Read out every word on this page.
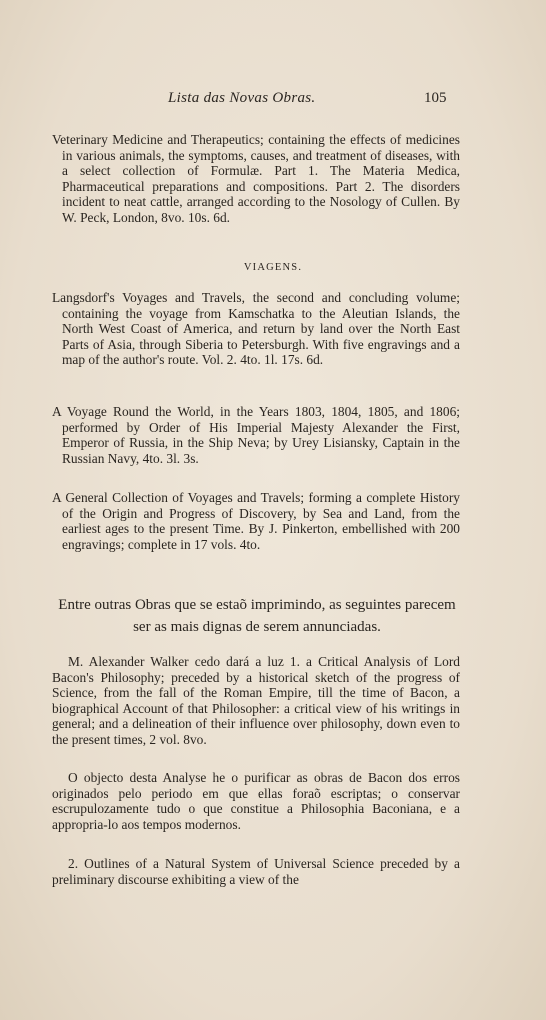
Lista das Novas Obras.	105

Veterinary Medicine and Therapeutics; containing the effects of medicines in various animals, the symptoms, causes, and treatment of diseases, with a select collection of Formulæ. Part 1. The Materia Medica, Pharmaceutical preparations and compositions. Part 2. The disorders incident to neat cattle, arranged according to the Nosology of Cullen. By W. Peck, London, 8vo. 10s. 6d.

VIAGENS.

Langsdorf's Voyages and Travels, the second and concluding volume; containing the voyage from Kamschatka to the Aleutian Islands, the North West Coast of America, and return by land over the North East Parts of Asia, through Siberia to Petersburgh. With five engravings and a map of the author's route. Vol. 2. 4to. 1l. 17s. 6d.

A Voyage Round the World, in the Years 1803, 1804, 1805, and 1806; performed by Order of His Imperial Majesty Alexander the First, Emperor of Russia, in the Ship Neva; by Urey Lisiansky, Captain in the Russian Navy, 4to. 3l. 3s.

A General Collection of Voyages and Travels; forming a complete History of the Origin and Progress of Discovery, by Sea and Land, from the earliest ages to the present Time. By J. Pinkerton, embellished with 200 engravings; complete in 17 vols. 4to.

Entre outras Obras que se estaõ imprimindo, as seguintes parecem ser as mais dignas de serem annunciadas.

M. Alexander Walker cedo dará a luz 1. a Critical Analysis of Lord Bacon's Philosophy; preceded by a historical sketch of the progress of Science, from the fall of the Roman Empire, till the time of Bacon, a biographical Account of that Philosopher: a critical view of his writings in general; and a delineation of their influence over philosophy, down even to the present times, 2 vol. 8vo.

O objecto desta Analyse he o purificar as obras de Bacon dos erros originados pelo periodo em que ellas foraõ escriptas; o conservar escrupulozamente tudo o que constitue a Philosophia Baconiana, e a appropria-lo aos tempos modernos.

2. Outlines of a Natural System of Universal Science preceded by a preliminary discourse exhibiting a view of the
